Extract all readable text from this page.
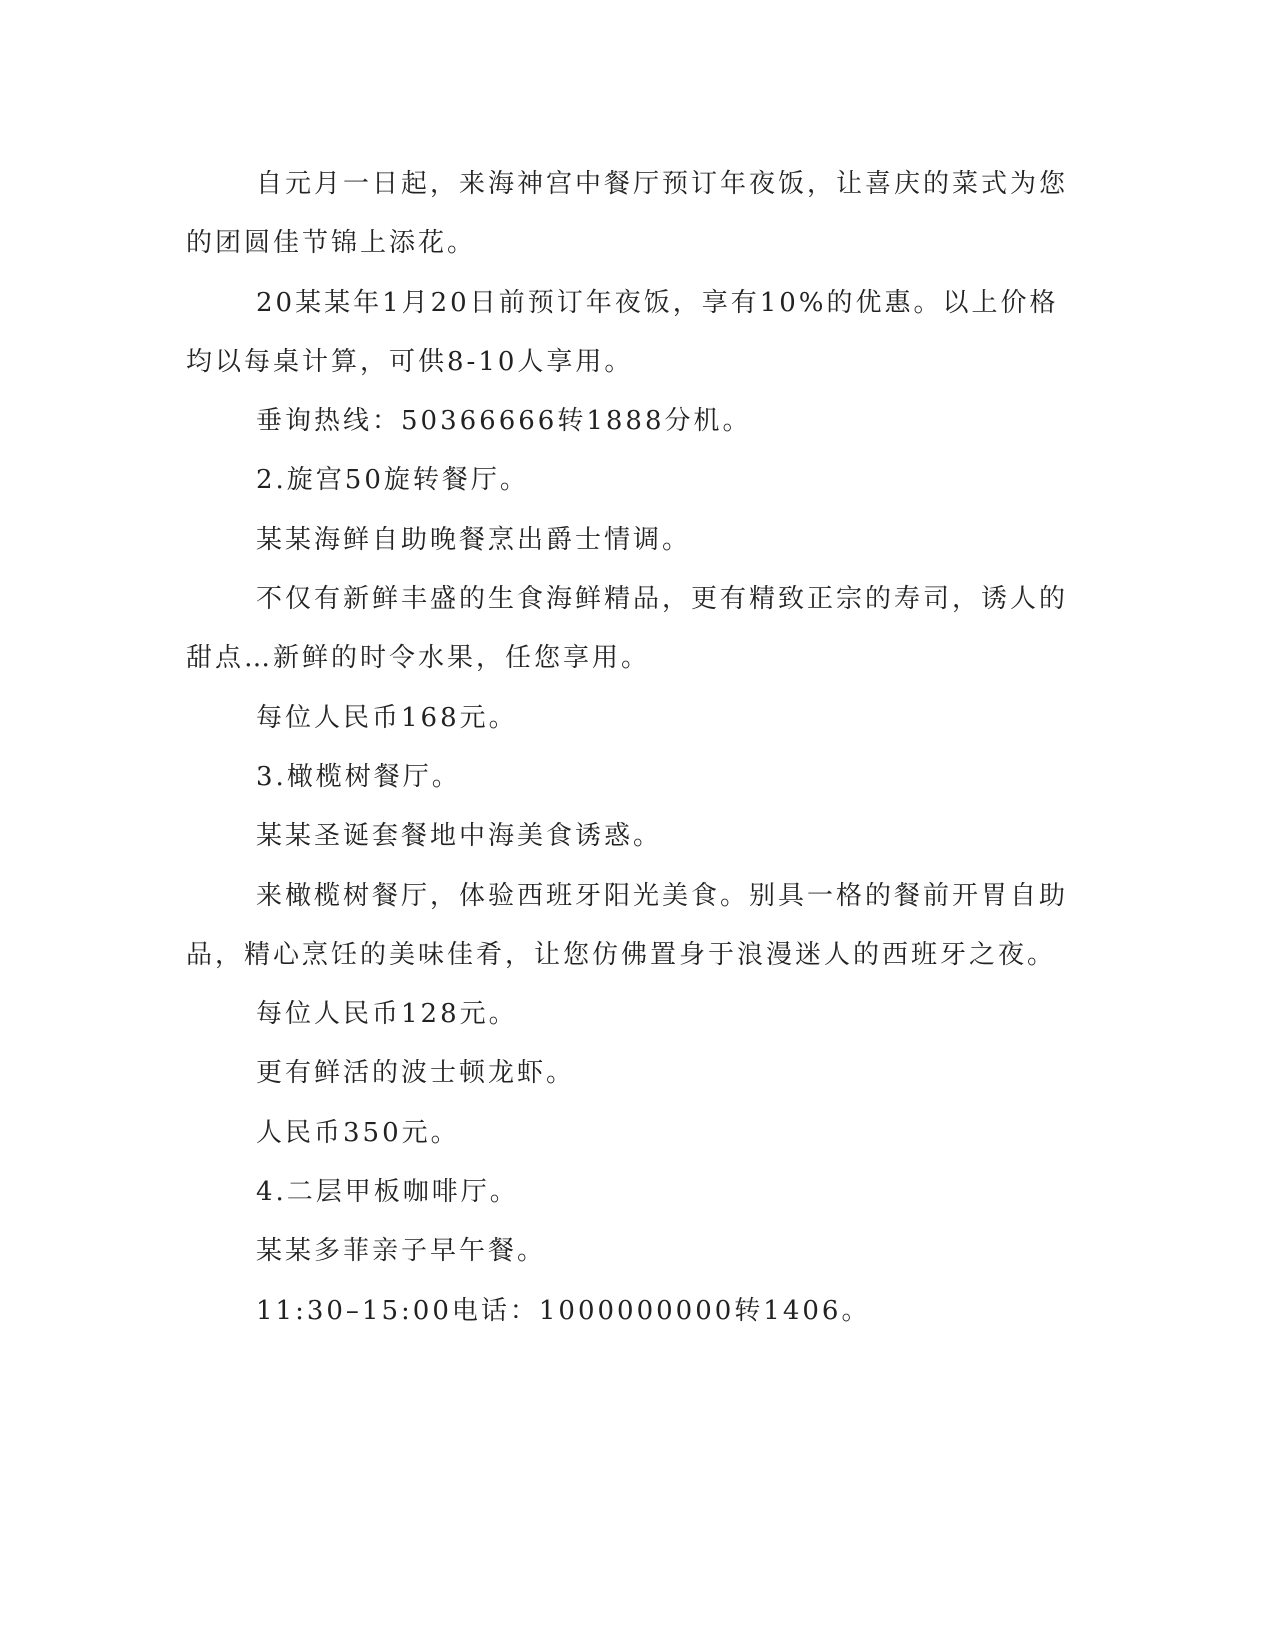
自元月一日起，来海神宫中餐厅预订年夜饭，让喜庆的菜式为您的团圆佳节锦上添花。

20某某年1月20日前预订年夜饭，享有10%的优惠。以上价格均以每桌计算，可供8-10人享用。

垂询热线：50366666转1888分机。

2.旋宫50旋转餐厅。

某某海鲜自助晚餐烹出爵士情调。

不仅有新鲜丰盛的生食海鲜精品，更有精致正宗的寿司，诱人的甜点…新鲜的时令水果，任您享用。

每位人民币168元。

3.橄榄树餐厅。

某某圣诞套餐地中海美食诱惑。

来橄榄树餐厅，体验西班牙阳光美食。别具一格的餐前开胃自助品，精心烹饪的美味佳肴，让您仿佛置身于浪漫迷人的西班牙之夜。

每位人民币128元。

更有鲜活的波士顿龙虾。

人民币350元。

4.二层甲板咖啡厅。

某某多菲亲子早午餐。

11:30–15:00电话：1000000000转1406。
